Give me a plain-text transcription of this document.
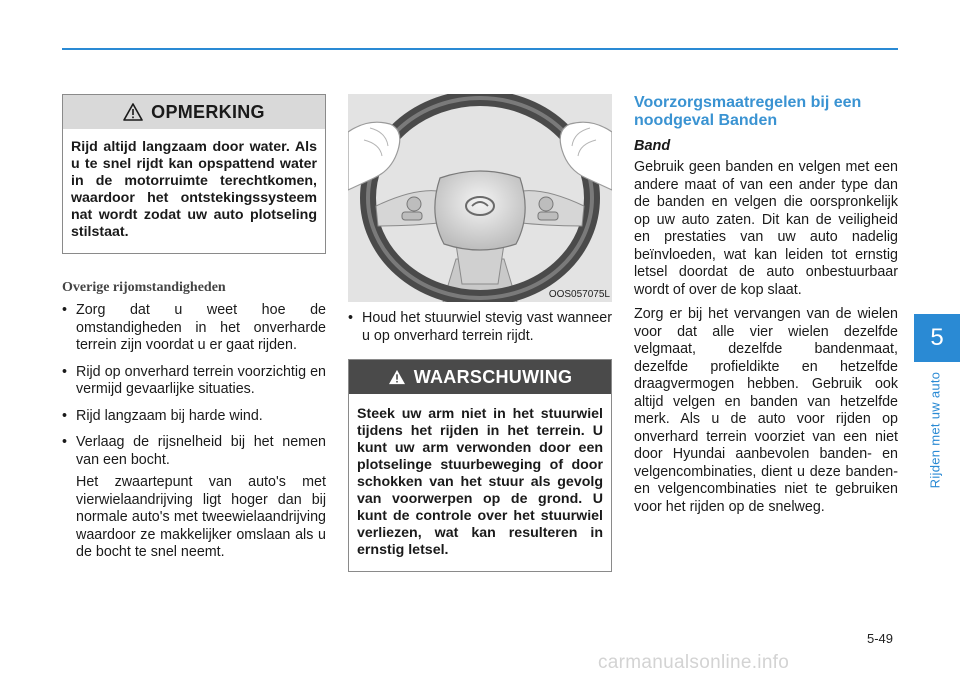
5
Rijden met uw auto
OPMERKING
Rijd altijd langzaam door water. Als u te snel rijdt kan opspattend water in de motorruimte terechtkomen, waardoor het ontstekingssysteem nat wordt zodat uw auto plotseling stilstaat.
Overige rijomstandigheden
• Zorg dat u weet hoe de omstandigheden in het onverharde terrein zijn voordat u er gaat rijden.
• Rijd op onverhard terrein voorzichtig en vermijd gevaarlijke situaties.
• Rijd langzaam bij harde wind.
• Verlaag de rijsnelheid bij het nemen van een bocht.

Het zwaartepunt van auto's met vierwielaandrijving ligt hoger dan bij normale auto's met tweewielaandrijving waardoor ze makkelijker omslaan als u de bocht te snel neemt.

OOS057075L
• Houd het stuurwiel stevig vast wanneer u op onverhard terrein rijdt.
WAARSCHUWING
Steek uw arm niet in het stuurwiel tijdens het rijden in het terrein. U kunt uw arm verwonden door een plotselinge stuurbeweging of door schokken van het stuur als gevolg van voorwerpen op de grond. U kunt de controle over het stuurwiel verliezen, wat kan resulteren in ernstig letsel.
Voorzorgsmaatregelen bij een noodgeval Banden
Band

Gebruik geen banden en velgen met een andere maat of van een ander type dan de banden en velgen die oorspronkelijk op uw auto zaten. Dit kan de veiligheid en prestaties van uw auto nadelig beïnvloeden, wat kan leiden tot ernstig letsel doordat de auto onbestuurbaar wordt of over de kop slaat.

Zorg er bij het vervangen van de wielen voor dat alle vier wielen dezelfde velgmaat, dezelfde bandenmaat, dezelfde profieldikte en hetzelfde draagvermogen hebben. Gebruik ook altijd velgen en banden van hetzelfde merk. Als u de auto voor rijden op onverhard terrein voorziet van een niet door Hyundai aanbevolen banden- en velgencombinaties, dient u deze banden- en velgencombinaties niet te gebruiken voor het rijden op de snelweg.

5-49
carmanualsonline.info
